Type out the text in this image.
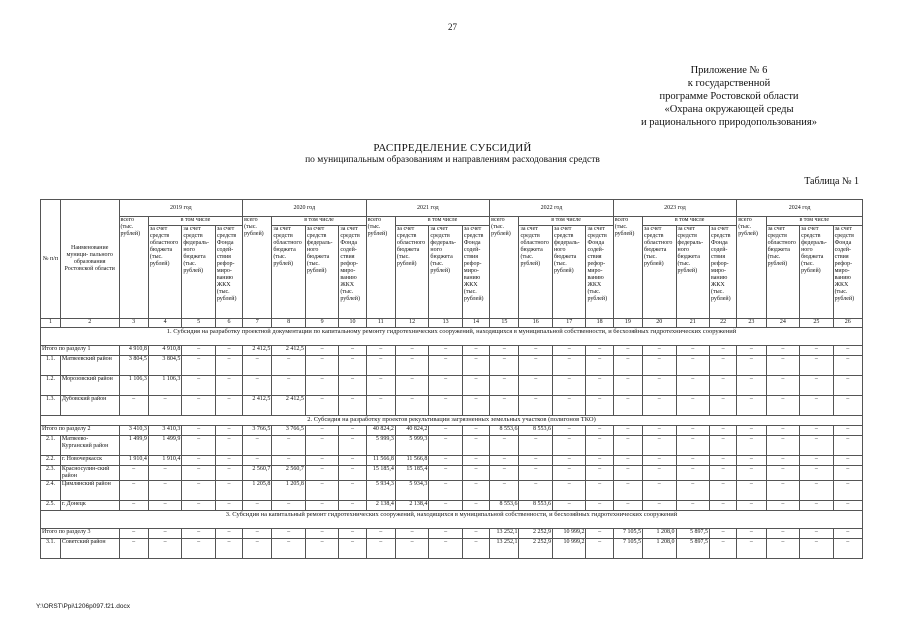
27
Приложение № 6
к государственной
программе Ростовской области
«Охрана окружающей среды
и рационального природопользования»
РАСПРЕДЕЛЕНИЕ СУБСИДИЙ
по муниципальным образованиям и направлениям расходования средств
Таблица № 1
№ п/п	Наименование муници- пального образования Ростовской области	2019 год				2020 год				2021 год				2022 год				2023 год				2024 год			
		всего (тыс. рублей)	в том числе			всего (тыс. рублей)	в том числе			всего (тыс. рублей)	в том числе			всего (тыс. рублей)	в том числе			всего (тыс. рублей)	в том числе			всего (тыс. рублей)	в том числе		
			за счет средств областного бюджета (тыс. рублей)	за счет средств федераль- ного бюджета (тыс. рублей)	за счет средств Фонда содей- ствия рефор- миро- ванию ЖКХ (тыс. рублей)		за счет средств областного бюджета (тыс. рублей)	за счет средств федераль- ного бюджета (тыс. рублей)	за счет средств Фонда содей- ствия рефор- миро- ванию ЖКХ (тыс. рублей)		за счет средств областного бюджета (тыс. рублей)	за счет средств федераль- ного бюджета (тыс. рублей)	за счет средств Фонда содей- ствия рефор- миро- ванию ЖКХ (тыс. рублей)		за счет средств областного бюджета (тыс. рублей)	за счет средств федераль- ного бюджета (тыс. рублей)	за счет средств Фонда содей- ствия рефор- миро- ванию ЖКХ (тыс. рублей)		за счет средств областного бюджета (тыс. рублей)	за счет средств федераль- ного бюджета (тыс. рублей)	за счет средств Фонда содей- ствия рефор- миро- ванию ЖКХ (тыс. рублей)		за счет средств областного бюджета (тыс. рублей)	за счет средств федераль- ного бюджета (тыс. рублей)	за счет средств Фонда содей- ствия рефор- миро- ванию ЖКХ (тыс. рублей)
1	2	3	4	5	6	7	8	9	10	11	12	13	14	15	16	17	18	19	20	21	22	23	24	25	26
1. Субсидия на разработку проектной документации по капитальному ремонту гидротехнических сооружений, находящихся в муниципальной собственности, и бесхозяйных гидротехнических сооружений																									
Итого по разделу 1		4 910,8	4 910,8	–	–	2 412,5	2 412,5	–	–	–	–	–	–	–	–	–	–	–	–	–	–	–	–	–	–
1.1.	Матвеевский район	3 804,5	3 804,5	–	–	–	–	–	–	–	–	–	–	–	–	–	–	–	–	–	–	–	–	–	–
1.2.	Морозовский район	1 106,3	1 106,3	–	–	–	–	–	–	–	–	–	–	–	–	–	–	–	–	–	–	–	–	–	–
1.3.	Дубовский район	–	–	–	–	2 412,5	2 412,5	–	–	–	–	–	–	–	–	–	–	–	–	–	–	–	–	–	–
2. Субсидия на разработку проектов рекультивации загрязненных земельных участков (полигонов ТКО)																									
Итого по разделу 2		3 410,3	3 410,3	–	–	3 766,5	3 766,5	–	–	40 824,2	40 824,2	–	–	8 553,6	8 553,6	–	–	–	–	–	–	–	–	–	–
2.1.	Матвеево-Курганский район	1 499,9	1 499,9	–	–	–	–	–	–	5 999,3	5 999,3	–	–	–	–	–	–	–	–	–	–	–	–	–	–
2.2.	г. Новочеркасск	1 910,4	1 910,4	–	–	–	–	–	–	11 566,8	11 566,8	–	–	–	–	–	–	–	–	–	–	–	–	–	–
2.3.	Красносулин-ский район	–	–	–	–	2 560,7	2 560,7	–	–	15 185,4	15 185,4	–	–	–	–	–	–	–	–	–	–	–	–	–	–
2.4.	Цимлянский район	–	–	–	–	1 205,8	1 205,8	–	–	5 934,3	5 934,3	–	–	–	–	–	–	–	–	–	–	–	–	–	–
2.5.	г. Донецк	–	–	–	–	–	–	–	–	2 138,4	2 138,4	–	–	8 553,6	8 553,6	–	–	–	–	–	–	–	–	–	–
3. Субсидия на капитальный ремонт гидротехнических сооружений, находящихся в муниципальной собственности, и бесхозяйных гидротехнических сооружений																									
Итого по разделу 3		–	–	–	–	–	–	–	–	–	–	–	–	13 252,1	2 252,9	10 999,2	–	7 105,5	1 208,0	5 897,5	–	–	–	–	–
3.1.	Советский район	–	–	–	–	–	–	–	–	–	–	–	–	13 252,1	2 252,9	10 999,2	–	7 105,5	1 208,0	5 897,5	–	–	–	–	–
Y:\ORST\Ppi\1206p097.f21.docx
